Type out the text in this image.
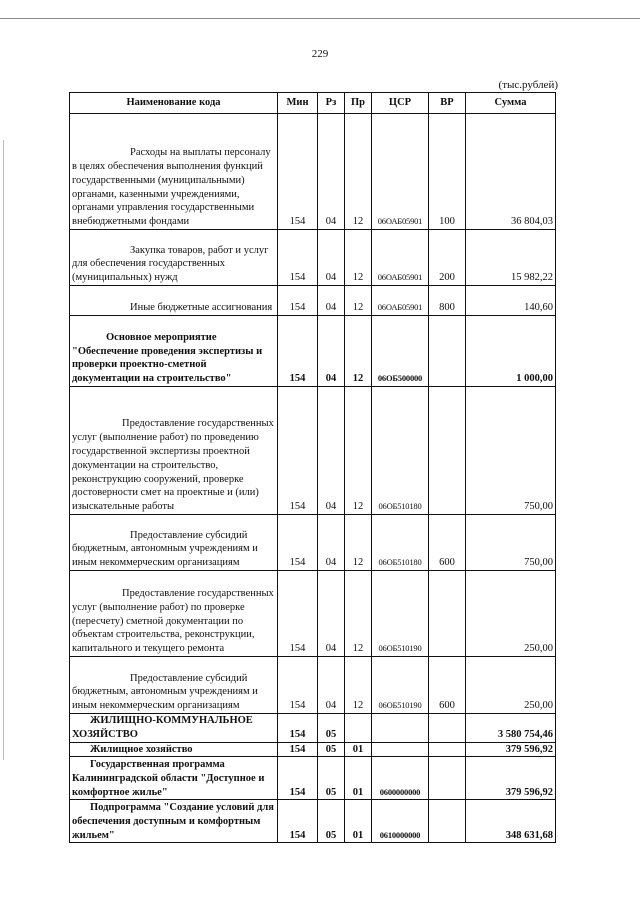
229
(тыс.рублей)
Наименование кода	Мин	Рз	Пр	ЦСР	ВР	Сумма
Расходы на выплаты персоналу в целях обеспечения выполнения функций государственными (муниципальными) органами, казенными учреждениями, органами управления государственными внебюджетными фондами	154	04	12	06ОАБ05901	100	36 804,03
Закупка товаров, работ и услуг для обеспечения государственных (муниципальных) нужд	154	04	12	06ОАБ05901	200	15 982,22
Иные бюджетные ассигнования	154	04	12	06ОАБ05901	800	140,60
Основное мероприятие "Обеспечение проведения экспертизы и проверки проектно-сметной документации на строительство"	154	04	12	06ОБ500000		1 000,00
Предоставление государственных услуг (выполнение работ) по проведению государственной экспертизы проектной документации на строительство, реконструкцию сооружений, проверке достоверности смет на проектные и (или) изыскательные работы	154	04	12	06ОБ510180		750,00
Предоставление субсидий бюджетным, автономным учреждениям и иным некоммерческим организациям	154	04	12	06ОБ510180	600	750,00
Предоставление государственных услуг (выполнение работ) по проверке (пересчету) сметной документации по объектам строительства, реконструкции, капитального и текущего ремонта	154	04	12	06ОБ510190		250,00
Предоставление субсидий бюджетным, автономным учреждениям и иным некоммерческим организациям	154	04	12	06ОБ510190	600	250,00
ЖИЛИЩНО-КОММУНАЛЬНОЕ ХОЗЯЙСТВО	154	05				3 580 754,46
Жилищное хозяйство	154	05	01			379 596,92
Государственная программа Калининградской области "Доступное и комфортное жилье"	154	05	01	0600000000		379 596,92
Подпрограмма "Создание условий для обеспечения доступным и комфортным жильем"	154	05	01	0610000000		348 631,68
